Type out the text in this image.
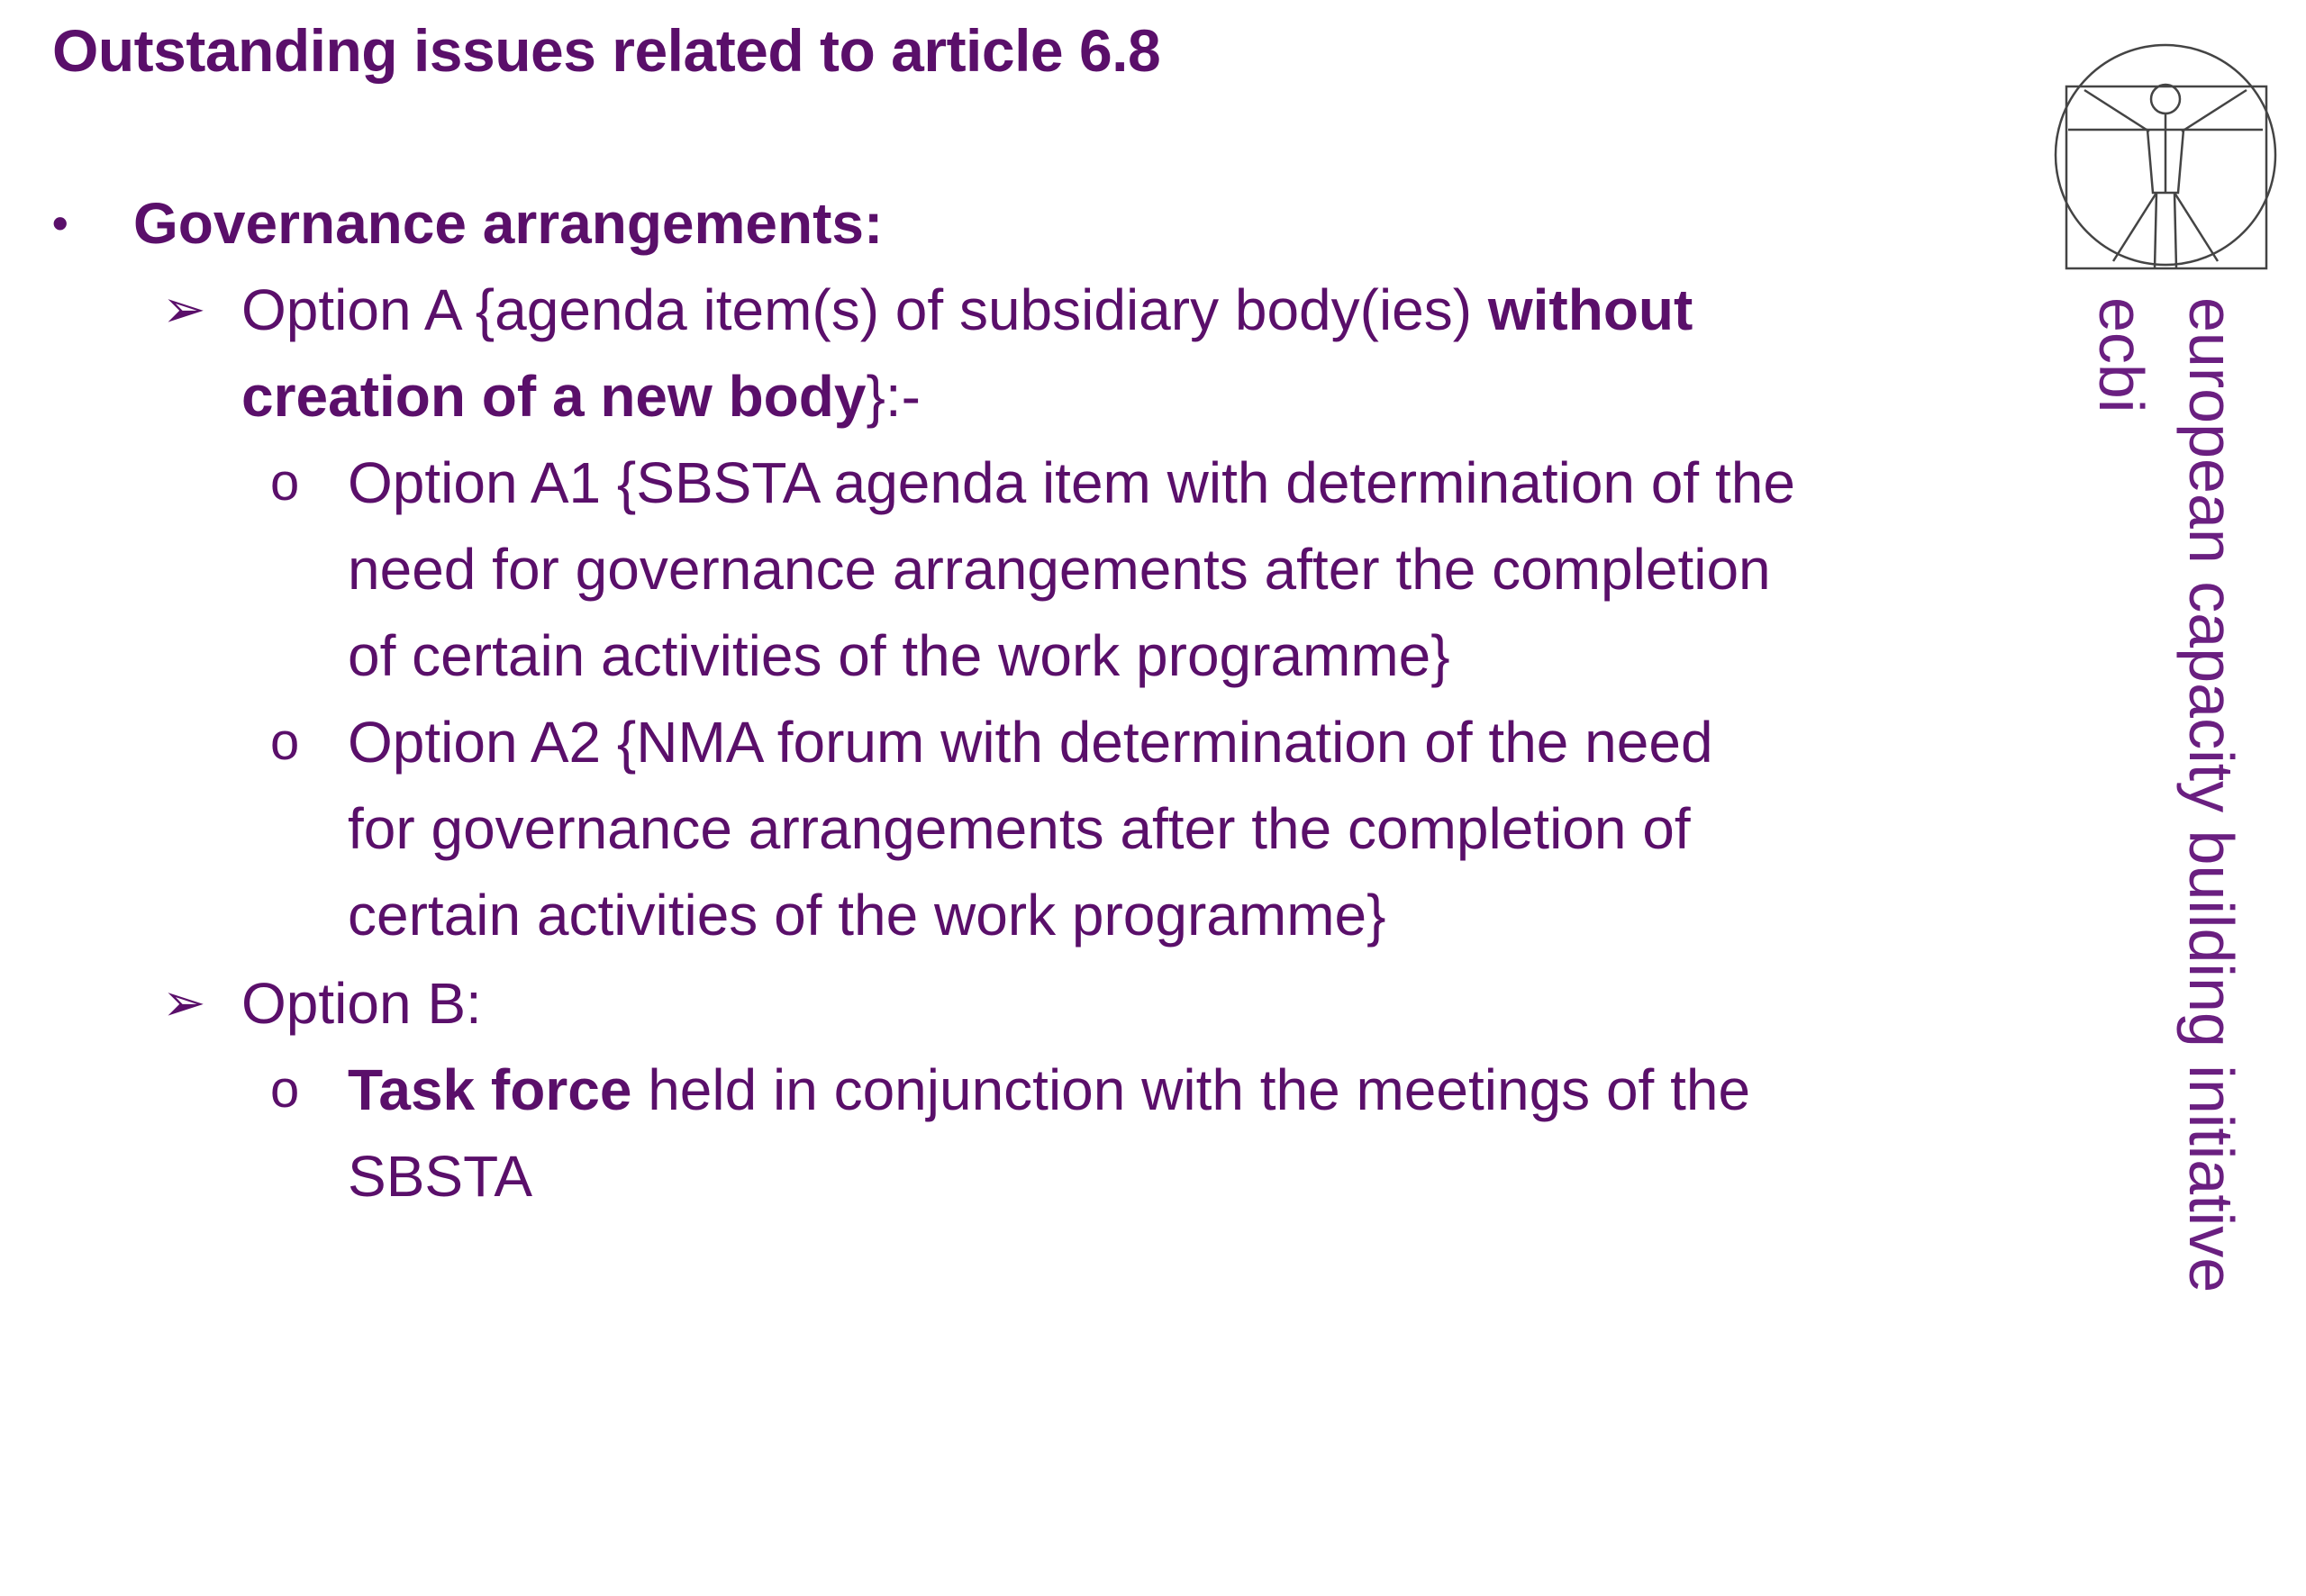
Outstanding issues related to article 6.8
• Governance arrangements:
➢ Option A {agenda item(s) of subsidiary body(ies) without
creation of a new body}:-
o Option A1 {SBSTA agenda item with determination of the
need for governance arrangements after the completion
of certain activities of the work programme}
o Option A2 {NMA forum with determination of the need
for governance arrangements after the completion of
certain activities of the work programme}
➢ Option B:
o Task force held in conjunction with the meetings of the
SBSTA
ecbi european capacity building initiative
